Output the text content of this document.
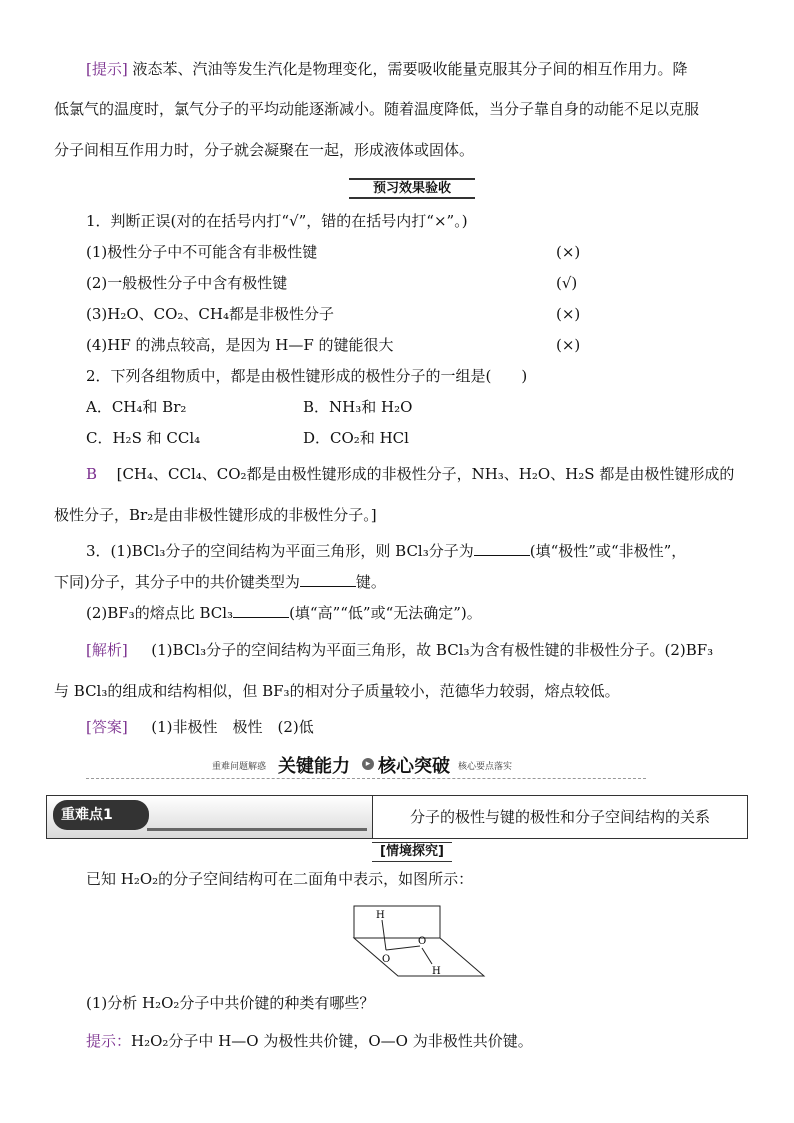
[提示] 液态苯、汽油等发生汽化是物理变化，需要吸收能量克服其分子间的相互作用力。降
低氯气的温度时，氯气分子的平均动能逐渐减小。随着温度降低，当分子靠自身的动能不足以克服
分子间相互作用力时，分子就会凝聚在一起，形成液体或固体。
预习效果验收
1．判断正误(对的在括号内打“√”，错的在括号内打“×”。)
(1)极性分子中不可能含有非极性键	(×)
(2)一般极性分子中含有极性键	(√)
(3)H₂O、CO₂、CH₄都是非极性分子	(×)
(4)HF 的沸点较高，是因为 H—F 的键能很大	(×)
2．下列各组物质中，都是由极性键形成的极性分子的一组是(　　)
A．CH₄和 Br₂	B．NH₃和 H₂O
C．H₂S 和 CCl₄	D．CO₂和 HCl
B [CH₄、CCl₄、CO₂都是由极性键形成的非极性分子，NH₃、H₂O、H₂S 都是由极性键形成的
极性分子，Br₂是由非极性键形成的非极性分子。]
3．(1)BCl₃分子的空间结构为平面三角形，则 BCl₃分子为	(填“极性”或“非极性”，
下同)分子，其分子中的共价键类型为	键。
(2)BF₃的熔点比 BCl₃	(填“高”“低”或“无法确定”)。
[解析] (1)BCl₃分子的空间结构为平面三角形，故 BCl₃为含有极性键的非极性分子。(2)BF₃
与 BCl₃的组成和结构相似，但 BF₃的相对分子质量较小，范德华力较弱，熔点较低。
[答案] (1)非极性　极性　(2)低
重难问题解惑 关键能力	▸ 核心突破 核心要点落实
重难点1	分子的极性与键的极性和分子空间结构的关系
[情境探究]
已知 H₂O₂的分子空间结构可在二面角中表示，如图所示：
H
O
O
H
(1)分析 H₂O₂分子中共价键的种类有哪些？
提示：H₂O₂分子中 H—O 为极性共价键，O—O 为非极性共价键。
